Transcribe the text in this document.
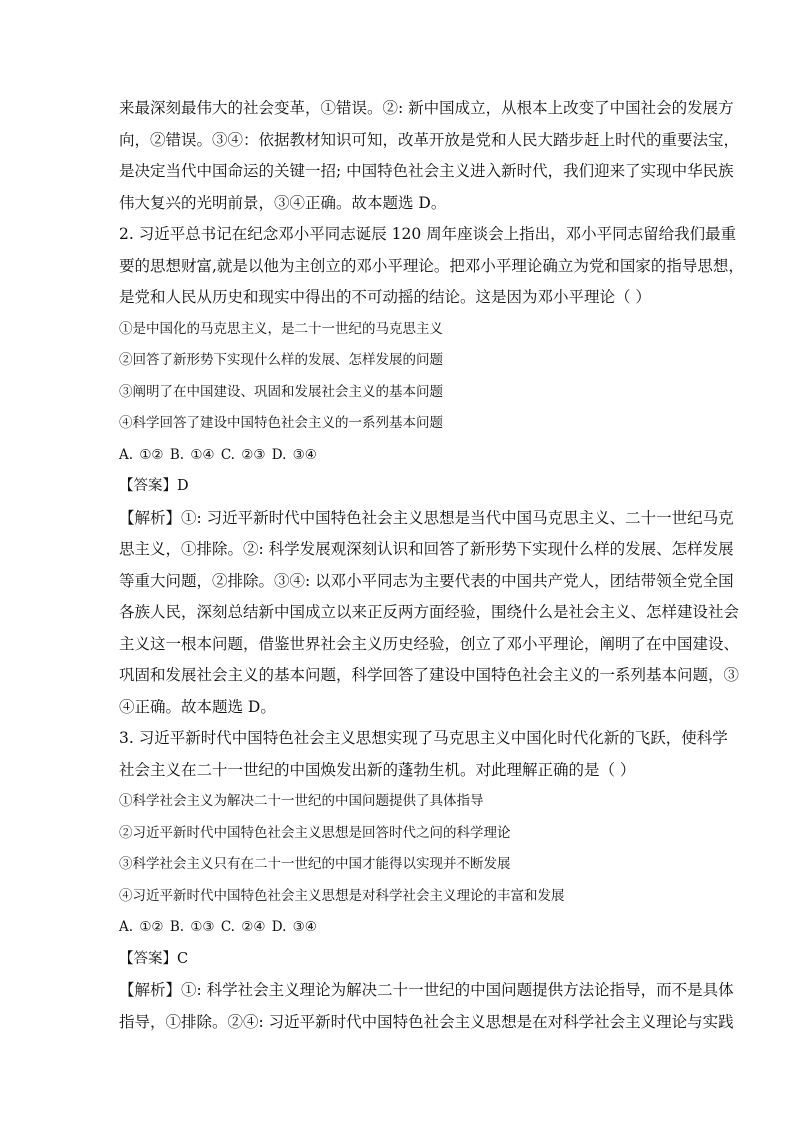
来最深刻最伟大的社会变革，①错误。②: 新中国成立，从根本上改变了中国社会的发展方
向，②错误。③④：依据教材知识可知，改革开放是党和人民大踏步赶上时代的重要法宝，
是决定当代中国命运的关键一招; 中国特色社会主义进入新时代，我们迎来了实现中华民族
伟大复兴的光明前景，③④正确。故本题选 D。
2. 习近平总书记在纪念邓小平同志诞辰 120 周年座谈会上指出，邓小平同志留给我们最重
要的思想财富,就是以他为主创立的邓小平理论。把邓小平理论确立为党和国家的指导思想，
是党和人民从历史和现实中得出的不可动摇的结论。这是因为邓小平理论（ ）
①是中国化的马克思主义，是二十一世纪的马克思主义
②回答了新形势下实现什么样的发展、怎样发展的问题
③阐明了在中国建设、巩固和发展社会主义的基本问题
④科学回答了建设中国特色社会主义的一系列基本问题
A. ①② B. ①④ C. ②③ D. ③④
【答案】D
【解析】①: 习近平新时代中国特色社会主义思想是当代中国马克思主义、二十一世纪马克
思主义，①排除。②: 科学发展观深刻认识和回答了新形势下实现什么样的发展、怎样发展
等重大问题，②排除。③④: 以邓小平同志为主要代表的中国共产党人，团结带领全党全国
各族人民，深刻总结新中国成立以来正反两方面经验，围绕什么是社会主义、怎样建设社会
主义这一根本问题，借鉴世界社会主义历史经验，创立了邓小平理论，阐明了在中国建设、
巩固和发展社会主义的基本问题，科学回答了建设中国特色社会主义的一系列基本问题，③
④正确。故本题选 D。
3. 习近平新时代中国特色社会主义思想实现了马克思主义中国化时代化新的飞跃，使科学
社会主义在二十一世纪的中国焕发出新的蓬勃生机。对此理解正确的是（ ）
①科学社会主义为解决二十一世纪的中国问题提供了具体指导
②习近平新时代中国特色社会主义思想是回答时代之问的科学理论
③科学社会主义只有在二十一世纪的中国才能得以实现并不断发展
④习近平新时代中国特色社会主义思想是对科学社会主义理论的丰富和发展
A. ①② B. ①③ C. ②④ D. ③④
【答案】C
【解析】①: 科学社会主义理论为解决二十一世纪的中国问题提供方法论指导，而不是具体
指导，①排除。②④: 习近平新时代中国特色社会主义思想是在对科学社会主义理论与实践
